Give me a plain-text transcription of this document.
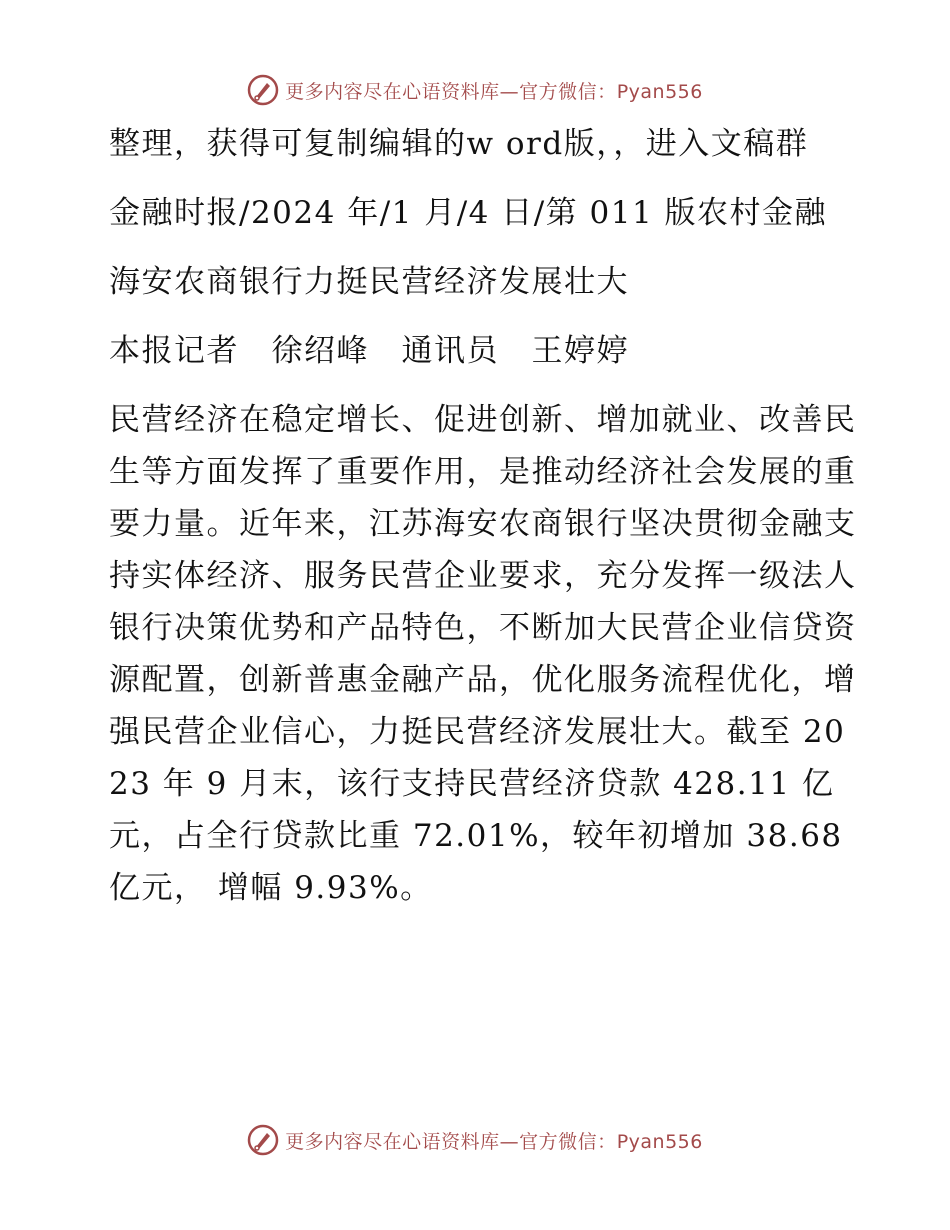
更多内容尽在心语资料库—官方微信：Pyan556

整理，获得可复制编辑的w ord版，，进入文稿群

金融时报/2024 年/1 月/4 日/第 011 版农村金融

海安农商银行力挺民营经济发展壮大

本报记者　徐绍峰　通讯员　王婷婷

民营经济在稳定增长、促进创新、增加就业、改善民生等方面发挥了重要作用，是推动经济社会发展的重要力量。近年来，江苏海安农商银行坚决贯彻金融支持实体经济、服务民营企业要求，充分发挥一级法人银行决策优势和产品特色，不断加大民营企业信贷资源配置，创新普惠金融产品，优化服务流程优化，增强民营企业信心，力挺民营经济发展壮大。截至 2023 年 9 月末，该行支持民营经济贷款 428.11 亿元，占全行贷款比重 72.01%，较年初增加 38.68 亿元， 增幅 9.93%。

更多内容尽在心语资料库—官方微信：Pyan556
